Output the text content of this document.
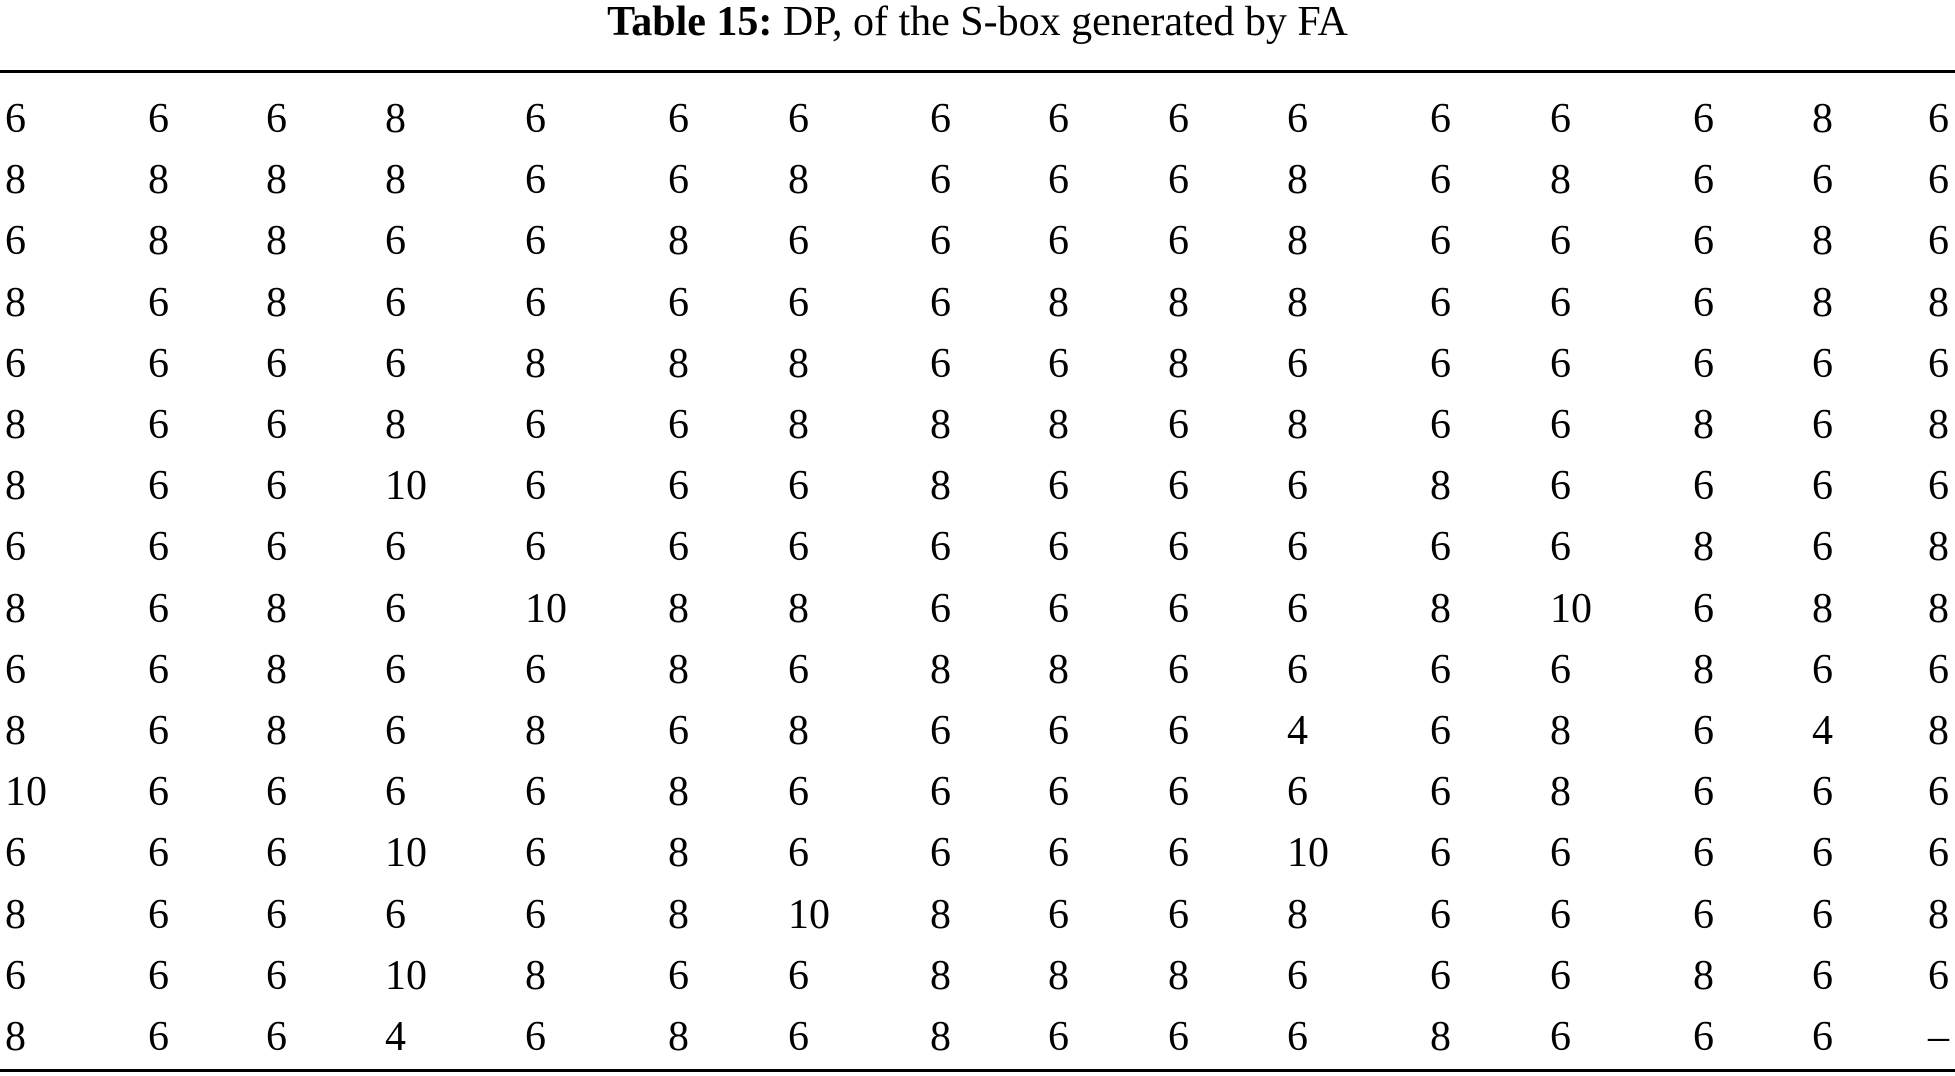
Table 15: DP, of the S-box generated by FA
6	6 6 8	6	6 6	6 6 6 6	6 6	6 8 6
8	8 8 8	6	6 8	6 6 6 8	6 8	6 6 6
6	8 8 6	6	8 6	6 6 6 8	6 6	6 8 6
8	6 8 6	6	6 6	6 8 8 8	6 6	6 8 8
6	6 6 6	8	8 8	6 6 8 6	6 6	6 6 6
8	6 6 8	6	6 8	8 8 6 8	6 6	8 6 8
8	6 6 10 6	6 6	8 6 6 6	8 6	6 6 6
6	6 6 6	6	6 6	6 6 6 6	6 6	8 6 8
8	6 8 6	10 8 8	6 6 6 6	8 10 6 8 8
6	6 8 6	6	8 6	8 8 6 6	6 6	8 6 6
8	6 8 6	8	6 8	6 6 6 4	6 8	6 4 8
10 6 6 6	6	8 6	6 6 6 6	6 8	6 6 6
6	6 6 10 6	8 6	6 6 6 10 6 6	6 6 6
8	6 6 6	6	8 10 8 6 6 8	6 6	6 6 8
6	6 6 10 8	6 6	8 8 8 6	6 6	8 6 6
8	6 6 4	6	8 6	8 6 6 6	8 6	6 6 –
